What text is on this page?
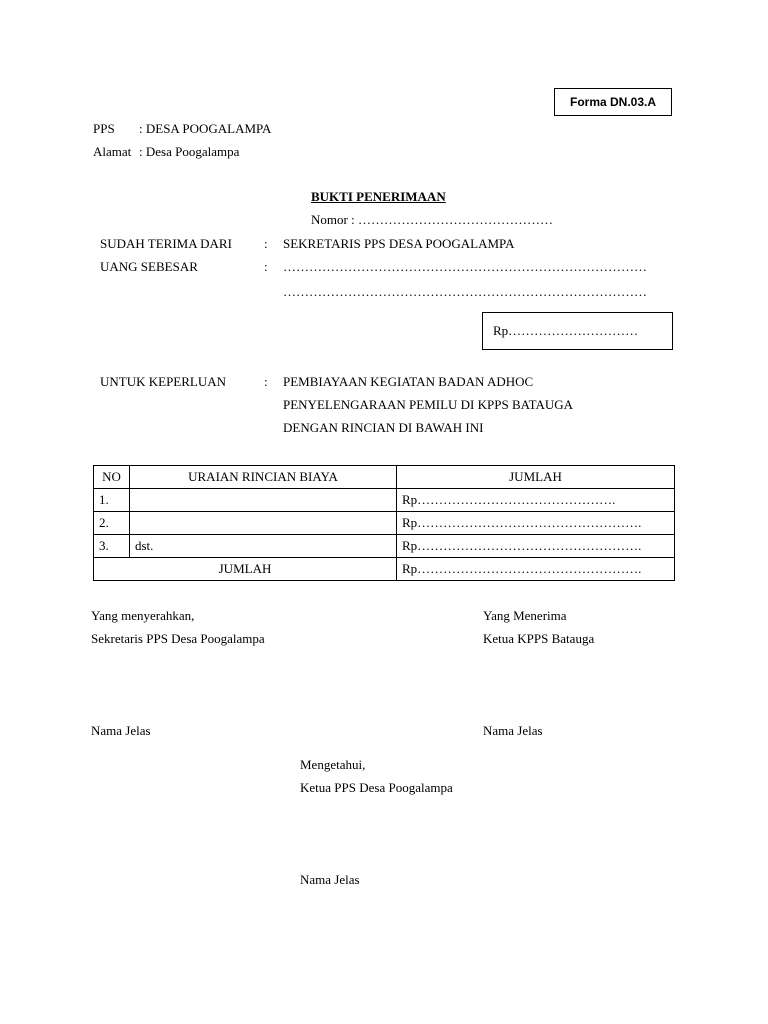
Forma DN.03.A
PPS : DESA POOGALAMPA
Alamat : Desa Poogalampa
BUKTI PENERIMAAN
Nomor : ………………………………………
SUDAH TERIMA DARI : SEKRETARIS PPS DESA POOGALAMPA
UANG SEBESAR	: …………………………………………………………………………
…………………………………………………………………………
Rp…………………………
UNTUK KEPERLUAN	: PEMBIAYAAN KEGIATAN BADAN ADHOC
PENYELENGARAAN PEMILU DI KPPS BATAUGA
DENGAN RINCIAN DI BAWAH INI
NO	URAIAN RINCIAN BIAYA	JUMLAH
1.		Rp……………………………………….
2.		Rp…………………………………………….
3.	dst.	Rp…………………………………………….
JUMLAH		Rp…………………………………………….
Yang menyerahkan,
Sekretaris PPS Desa Poogalampa
Yang Menerima
Ketua KPPS Batauga
Nama Jelas	Nama Jelas
Mengetahui,
Ketua PPS Desa Poogalampa
Nama Jelas
